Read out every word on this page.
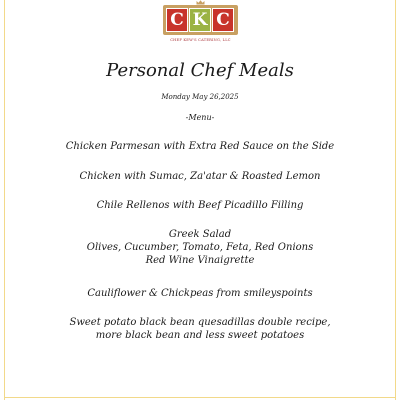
C K C
CHEF KEW'S CATERING, LLC
Personal Chef Meals
Monday May 26,2025
-Menu-
Chicken Parmesan with Extra Red Sauce on the Side
Chicken with Sumac, Za'atar & Roasted Lemon
Chile Rellenos with Beef Picadillo Filling
Greek Salad
Olives, Cucumber, Tomato, Feta, Red Onions
Red Wine Vinaigrette
Cauliflower & Chickpeas from smileyspoints
Sweet potato black bean quesadillas double recipe,
more black bean and less sweet potatoes
